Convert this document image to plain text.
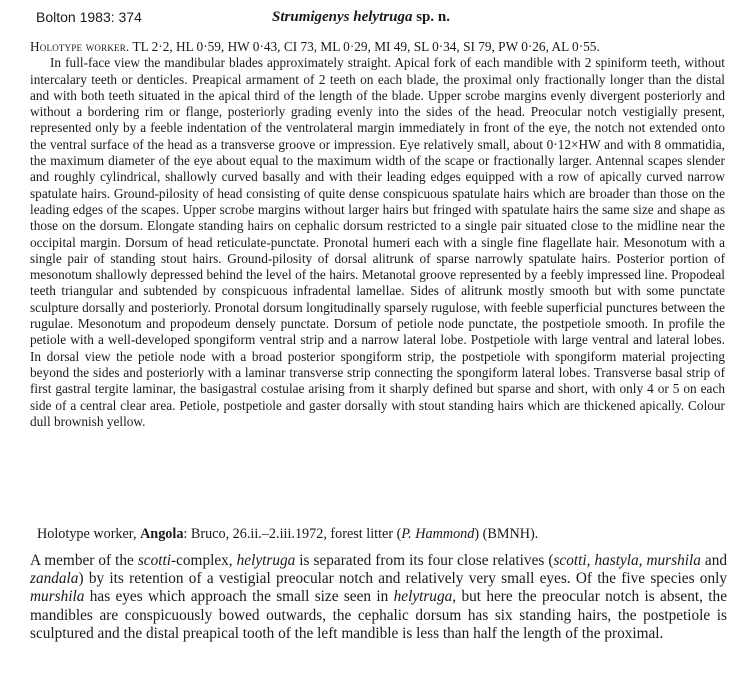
Bolton 1983: 374	Strumigenys helytruga sp. n.

Holotype worker. TL 2·2, HL 0·59, HW 0·43, CI 73, ML 0·29, MI 49, SL 0·34, SI 79, PW 0·26, AL 0·55.

In full-face view the mandibular blades approximately straight. Apical fork of each mandible with 2 spiniform teeth, without intercalary teeth or denticles. Preapical armament of 2 teeth on each blade, the proximal only fractionally longer than the distal and with both teeth situated in the apical third of the length of the blade. Upper scrobe margins evenly divergent posteriorly and without a bordering rim or flange, posteriorly grading evenly into the sides of the head. Preocular notch vestigially present, represented only by a feeble indentation of the ventrolateral margin immediately in front of the eye, the notch not extended onto the ventral surface of the head as a transverse groove or impression. Eye relatively small, about 0·12×HW and with 8 ommatidia, the maximum diameter of the eye about equal to the maximum width of the scape or fractionally larger. Antennal scapes slender and roughly cylindrical, shallowly curved basally and with their leading edges equipped with a row of apically curved narrow spatulate hairs. Ground-pilosity of head consisting of quite dense conspicuous spatulate hairs which are broader than those on the leading edges of the scapes. Upper scrobe margins without larger hairs but fringed with spatulate hairs the same size and shape as those on the dorsum. Elongate standing hairs on cephalic dorsum restricted to a single pair situated close to the midline near the occipital margin. Dorsum of head reticulate-punctate. Pronotal humeri each with a single fine flagellate hair. Mesonotum with a single pair of standing stout hairs. Ground-pilosity of dorsal alitrunk of sparse narrowly spatulate hairs. Posterior portion of mesonotum shallowly depressed behind the level of the hairs. Metanotal groove represented by a feebly impressed line. Propodeal teeth triangular and subtended by conspicuous infradental lamellae. Sides of alitrunk mostly smooth but with some punctate sculpture dorsally and posteriorly. Pronotal dorsum longitudinally sparsely rugulose, with feeble superficial punctures between the rugulae. Mesonotum and propodeum densely punctate. Dorsum of petiole node punctate, the postpetiole smooth. In profile the petiole with a well-developed spongiform ventral strip and a narrow lateral lobe. Postpetiole with large ventral and lateral lobes. In dorsal view the petiole node with a broad posterior spongiform strip, the postpetiole with spongiform material projecting beyond the sides and posteriorly with a laminar transverse strip connecting the spongiform lateral lobes. Transverse basal strip of first gastral tergite laminar, the basigastral costulae arising from it sharply defined but sparse and short, with only 4 or 5 on each side of a central clear area. Petiole, postpetiole and gaster dorsally with stout standing hairs which are thickened apically. Colour dull brownish yellow.

Holotype worker, Angola: Bruco, 26.ii.–2.iii.1972, forest litter (P. Hammond) (BMNH).

A member of the scotti-complex, helytruga is separated from its four close relatives (scotti, hastyla, murshila and zandala) by its retention of a vestigial preocular notch and relatively very small eyes. Of the five species only murshila has eyes which approach the small size seen in helytruga, but here the preocular notch is absent, the mandibles are conspicuously bowed outwards, the cephalic dorsum has six standing hairs, the postpetiole is sculptured and the distal preapical tooth of the left mandible is less than half the length of the proximal.
